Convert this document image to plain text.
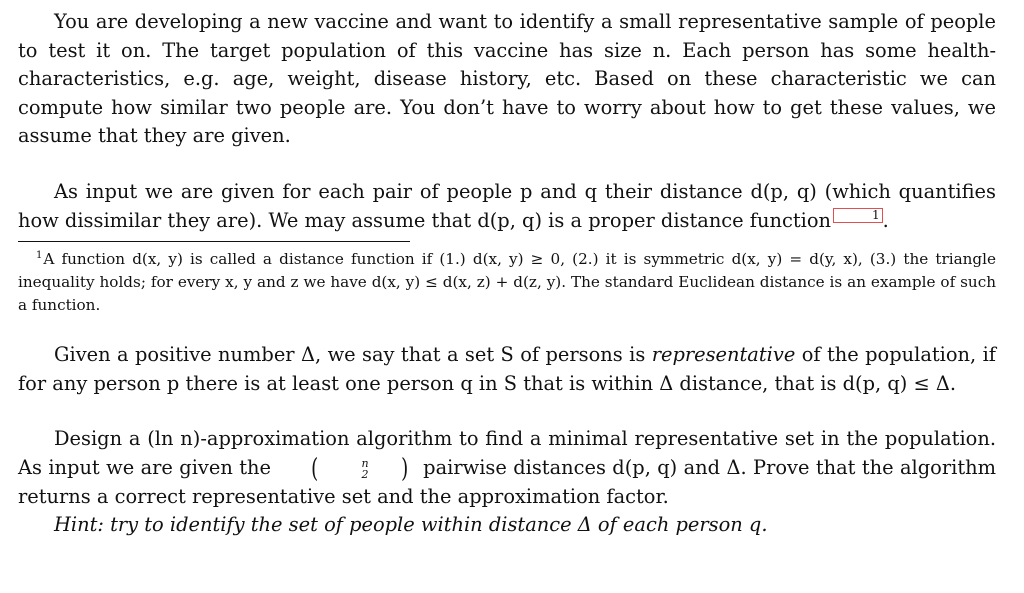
You are developing a new vaccine and want to identify a small representative sample of people to test it on. The target population of this vaccine has size n. Each person has some health-characteristics, e.g. age, weight, disease history, etc. Based on these characteristic we can compute how similar two people are. You don’t have to worry about how to get these values, we assume that they are given.

As input we are given for each pair of people p and q their distance d(p, q) (which quantifies how dissimilar they are). We may assume that d(p, q) is a proper distance function	1 .

$^1$A function d(x, y) is called a distance function if (1.) d(x, y) ≥ 0, (2.) it is symmetric d(x, y) = d(y, x), (3.) the triangle inequality holds; for every x, y and z we have d(x, y) ≤ d(x, z) + d(z, y). The standard Euclidean distance is an example of such a function.

Given a positive number Δ, we say that a set S of persons is representative of the population, if for any person p there is at least one person q in S that is within Δ distance, that is d(p, q) ≤ Δ.

Design a (ln n)-approximation algorithm to find a minimal representative set in the population. As input we are given the	(	n
2	) pairwise distances d(p, q) and Δ. Prove that the algorithm returns a correct representative set and the approximation factor.

Hint: try to identify the set of people within distance Δ of each person q.
